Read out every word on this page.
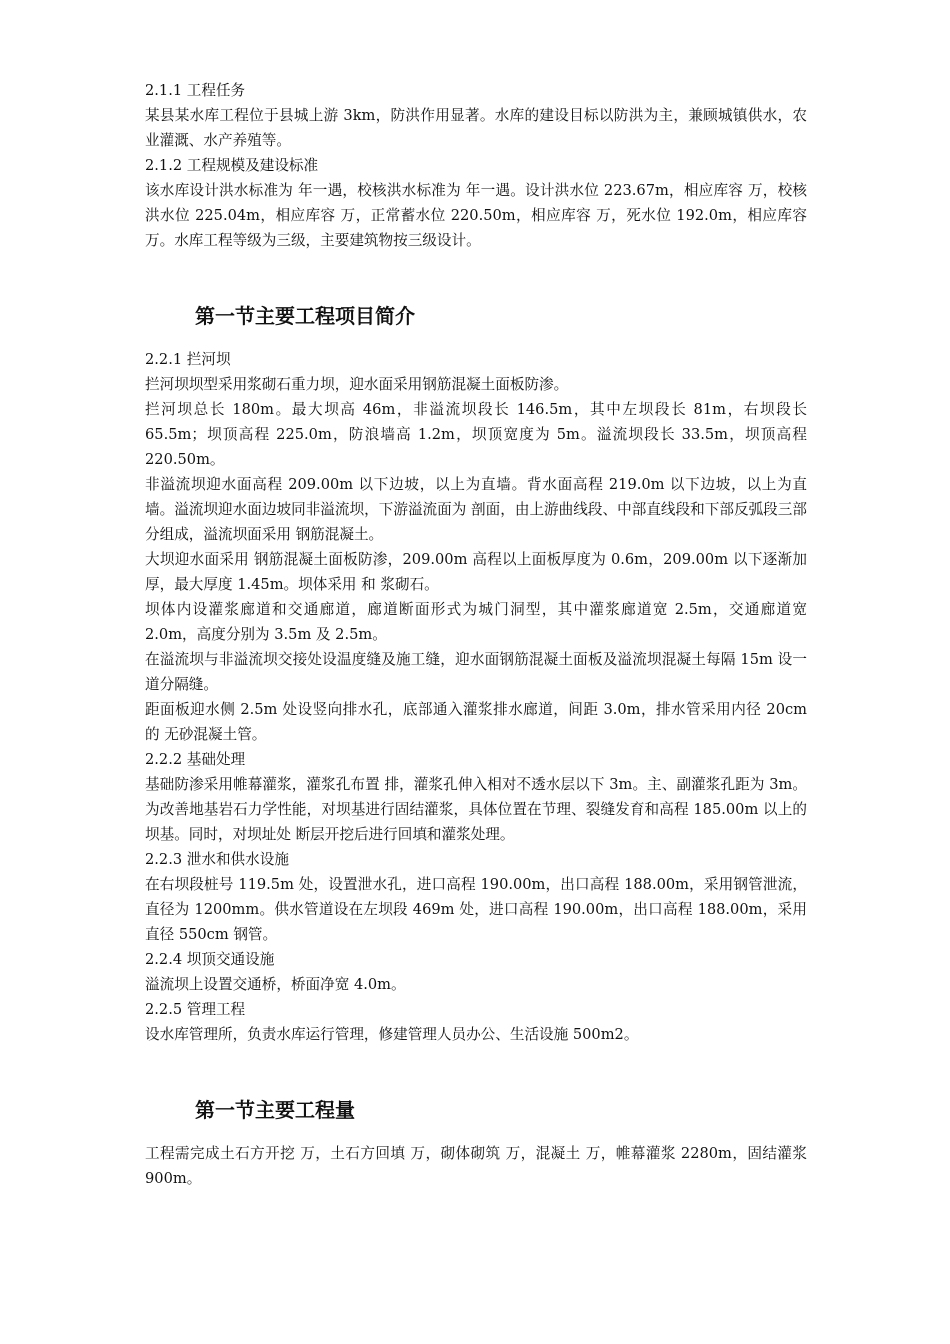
2.1.1 工程任务

某县某水库工程位于县城上游 3km，防洪作用显著。水库的建设目标以防洪为主，兼顾城镇供水，农业灌溉、水产养殖等。

2.1.2 工程规模及建设标准

该水库设计洪水标准为 年一遇，校核洪水标准为 年一遇。设计洪水位 223.67m，相应库容 万，校核洪水位 225.04m，相应库容 万，正常蓄水位 220.50m，相应库容 万，死水位 192.0m，相应库容 万。水库工程等级为三级，主要建筑物按三级设计。

第一节主要工程项目简介

2.2.1 拦河坝

拦河坝坝型采用浆砌石重力坝，迎水面采用钢筋混凝土面板防渗。

拦河坝总长 180m。最大坝高 46m，非溢流坝段长 146.5m，其中左坝段长 81m，右坝段长 65.5m；坝顶高程 225.0m，防浪墙高 1.2m，坝顶宽度为 5m。溢流坝段长 33.5m，坝顶高程 220.50m。

非溢流坝迎水面高程 209.00m 以下边坡，以上为直墙。背水面高程 219.0m 以下边坡，以上为直墙。溢流坝迎水面边坡同非溢流坝，下游溢流面为 剖面，由上游曲线段、中部直线段和下部反弧段三部分组成，溢流坝面采用 钢筋混凝土。

大坝迎水面采用 钢筋混凝土面板防渗，209.00m 高程以上面板厚度为 0.6m，209.00m 以下逐渐加厚，最大厚度 1.45m。坝体采用 和 浆砌石。

坝体内设灌浆廊道和交通廊道，廊道断面形式为城门洞型，其中灌浆廊道宽 2.5m，交通廊道宽 2.0m，高度分别为 3.5m 及 2.5m。

在溢流坝与非溢流坝交接处设温度缝及施工缝，迎水面钢筋混凝土面板及溢流坝混凝土每隔 15m 设一道分隔缝。

距面板迎水侧 2.5m 处设竖向排水孔，底部通入灌浆排水廊道，间距 3.0m，排水管采用内径 20cm 的 无砂混凝土管。

2.2.2 基础处理

基础防渗采用帷幕灌浆，灌浆孔布置 排，灌浆孔伸入相对不透水层以下 3m。主、副灌浆孔距为 3m。为改善地基岩石力学性能，对坝基进行固结灌浆，具体位置在节理、裂缝发育和高程 185.00m 以上的坝基。同时，对坝址处 断层开挖后进行回填和灌浆处理。

2.2.3 泄水和供水设施

在右坝段桩号 119.5m 处，设置泄水孔，进口高程 190.00m，出口高程 188.00m，采用钢管泄流，直径为 1200mm。供水管道设在左坝段 469m 处，进口高程 190.00m，出口高程 188.00m，采用直径 550cm 钢管。

2.2.4 坝顶交通设施

溢流坝上设置交通桥，桥面净宽 4.0m。

2.2.5 管理工程

设水库管理所，负责水库运行管理，修建管理人员办公、生活设施 500m2。

第一节主要工程量

工程需完成土石方开挖 万，土石方回填 万，砌体砌筑 万，混凝土 万，帷幕灌浆 2280m，固结灌浆 900m。
